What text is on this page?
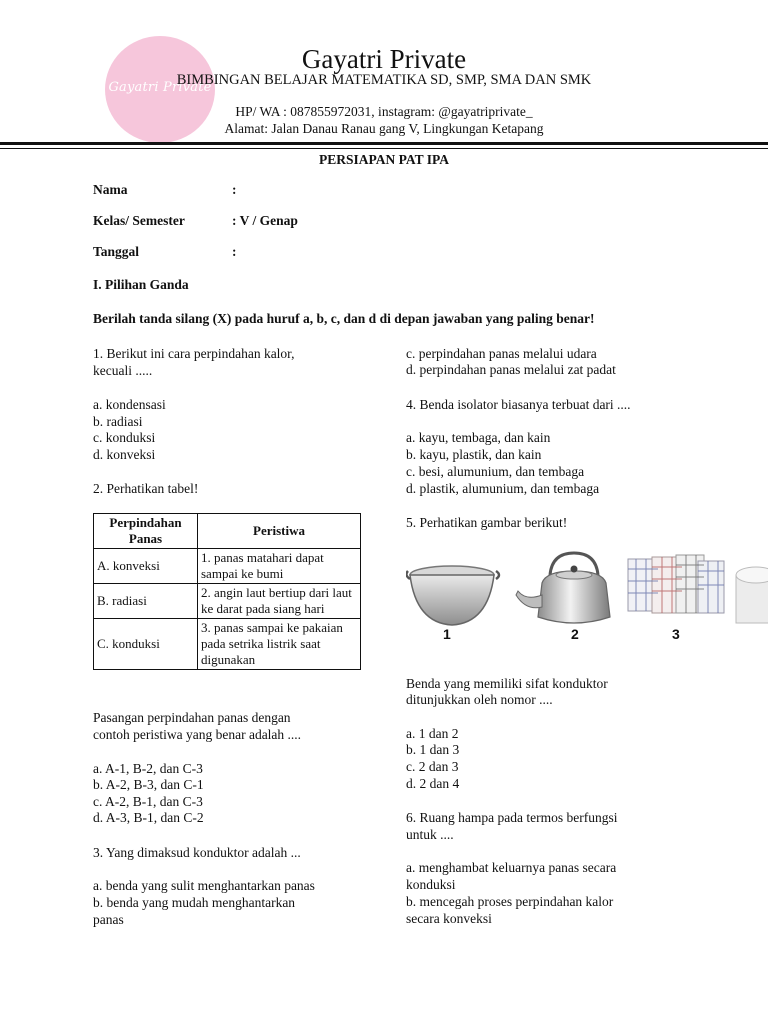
Gayatri Private
Gayatri Private
BIMBINGAN BELAJAR MATEMATIKA SD, SMP, SMA DAN SMK
HP/ WA : 087855972031, instagram: @gayatriprivate_
Alamat: Jalan Danau Ranau gang V, Lingkungan Ketapang
PERSIAPAN PAT IPA
Nama	:
Kelas/ Semester	: V / Genap
Tanggal	:
I. Pilihan Ganda
Berilah tanda silang (X) pada huruf a, b, c, dan d di depan jawaban yang paling benar!
1. Berikut ini cara perpindahan kalor,
kecuali .....
a. kondensasi
b. radiasi
c. konduksi
d. konveksi
2. Perhatikan tabel!
Perpindahan Panas	Peristiwa
A. konveksi	1. panas matahari dapat sampai ke bumi
B. radiasi	2. angin laut bertiup dari laut ke darat pada siang hari
C. konduksi	3. panas sampai ke pakaian pada setrika listrik saat digunakan
Pasangan perpindahan panas dengan
contoh peristiwa yang benar adalah ....
a. A-1, B-2, dan C-3
b. A-2, B-3, dan C-1
c. A-2, B-1, dan C-3
d. A-3, B-1, dan C-2
3. Yang dimaksud konduktor adalah ...
a. benda yang sulit menghantarkan panas
b. benda yang mudah menghantarkan
panas
c. perpindahan panas melalui udara
d. perpindahan panas melalui zat padat
4. Benda isolator biasanya terbuat dari ....
a. kayu, tembaga, dan kain
b. kayu, plastik, dan kain
c. besi, alumunium, dan tembaga
d. plastik, alumunium, dan tembaga
5. Perhatikan gambar berikut!
1	2	3
Benda yang memiliki sifat konduktor
ditunjukkan oleh nomor ....
a. 1 dan 2
b. 1 dan 3
c. 2 dan 3
d. 2 dan 4
6. Ruang hampa pada termos berfungsi
untuk ....
a. menghambat keluarnya panas secara
konduksi
b. mencegah proses perpindahan kalor
secara konveksi
